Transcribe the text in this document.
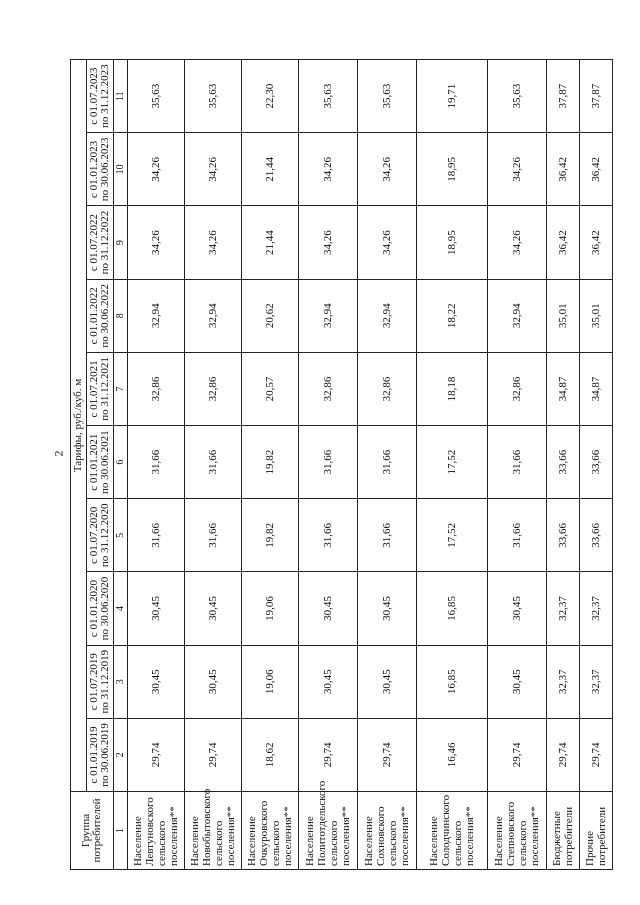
2
Группа потребителей	Тарифы, руб./куб. м									

	с 01.01.2019 по 30.06.2019	с 01.07.2019 по 31.12.2019	с 01.01.2020 по 30.06.2020	с 01.07.2020 по 31.12.2020	с 01.01.2021 по 30.06.2021	с 01.07.2021 по 31.12.2021	с 01.01.2022 по 30.06.2022	с 01.07.2022 по 31.12.2022	с 01.01.2023 по 30.06.2023	с 01.07.2023 по 31.12.2023

1	2	3	4	5	6	7	8	9	10	11

Население Левтуновского сельского поселения**	29,74	30,45	30,45	31,66	31,66	32,86	32,94	34,26	34,26	35,63

Население Новобытовского сельского поселения**	29,74	30,45	30,45	31,66	31,66	32,86	32,94	34,26	34,26	35,63

Население Очкуровского сельского поселения**	18,62	19,06	19,06	19,82	19,82	20,57	20,62	21,44	21,44	22,30

Население Политотдельского сельского поселения**	29,74	30,45	30,45	31,66	31,66	32,86	32,94	34,26	34,26	35,63

Население Сохновского сельского поселения**	29,74	30,45	30,45	31,66	31,66	32,86	32,94	34,26	34,26	35,63

Население Солодчинского сельского поселения**	16,46	16,85	16,85	17,52	17,52	18,18	18,22	18,95	18,95	19,71

Население Степновского сельского поселения**	29,74	30,45	30,45	31,66	31,66	32,86	32,94	34,26	34,26	35,63

Бюджетные потребители	29,74	32,37	32,37	33,66	33,66	34,87	35,01	36,42	36,42	37,87

Прочие потребители	29,74	32,37	32,37	33,66	33,66	34,87	35,01	36,42	36,42	37,87
